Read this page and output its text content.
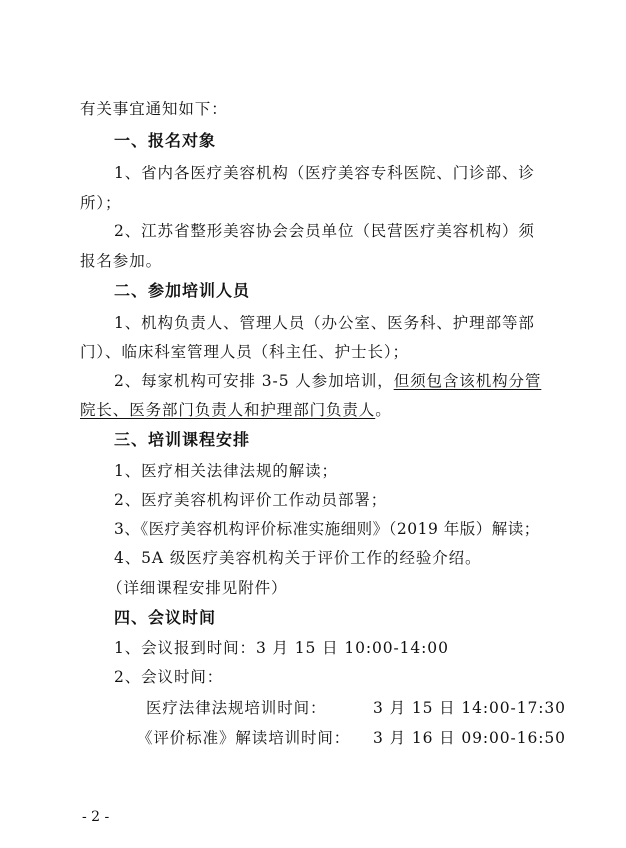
有关事宜通知如下：
一、报名对象
1、省内各医疗美容机构（医疗美容专科医院、门诊部、诊
所）；
2、江苏省整形美容协会会员单位（民营医疗美容机构）须
报名参加。
二、参加培训人员
1、机构负责人、管理人员（办公室、医务科、护理部等部
门）、临床科室管理人员（科主任、护士长）；
2、每家机构可安排 3-5 人参加培训，但须包含该机构分管
院长、医务部门负责人和护理部门负责人。
三、培训课程安排
1、医疗相关法律法规的解读；
2、医疗美容机构评价工作动员部署；
3、《医疗美容机构评价标准实施细则》（2019 年版）解读；
4、5A 级医疗美容机构关于评价工作的经验介绍。
（详细课程安排见附件）
四、会议时间
1、会议报到时间：3 月 15 日 10:00-14:00
2、会议时间：
医疗法律法规培训时间：	3 月 15 日 14:00-17:30
《评价标准》解读培训时间： 3 月 16 日 09:00-16:50
- 2 -
